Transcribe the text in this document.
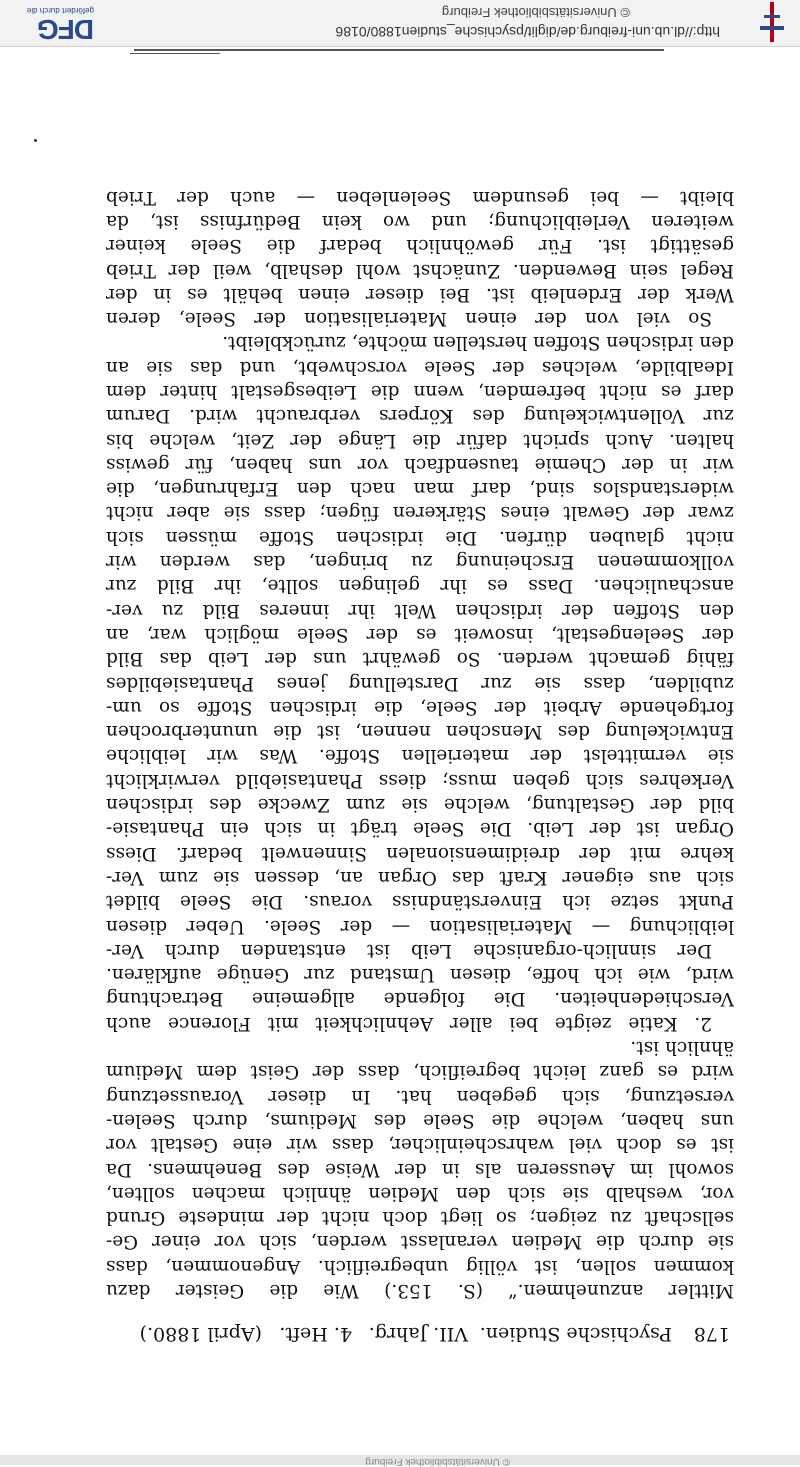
© Universitätsbibliothek Freiburg
178
Psychische Studien.
VII. Jahrg.
4. Heft.
(April 1880.)
Mittler anzunehmen.“ (S. 153.) Wie die Geister dazu
kommen sollen, ist völlig unbegreiflich. Angenommen, dass
sie durch die Medien veranlasst werden, sich vor einer Ge-
sellschaft zu zeigen; so liegt doch nicht der mindeste Grund
vor, weshalb sie sich den Medien ähnlich machen sollten,
sowohl im Aeusseren als in der Weise des Benehmens. Da
ist es doch viel wahrscheinlicher, dass wir eine Gestalt vor
uns haben, welche die Seele des Mediums, durch Seelen-
versetzung, sich gegeben hat. In dieser Voraussetzung
wird es ganz leicht begreiflich, dass der Geist dem Medium
ähnlich ist.
2. Katie zeigte bei aller Aehnlichkeit mit Florence auch
Verschiedenheiten. Die folgende allgemeine Betrachtung
wird, wie ich hoffe, diesen Umstand zur Genüge aufklären.
Der sinnlich-organische Leib ist entstanden durch Ver-
leiblichung — Materialisation — der Seele. Ueber diesen
Punkt setze ich Einverständniss voraus. Die Seele bildet
sich aus eigener Kraft das Organ an, dessen sie zum Ver-
kehre mit der dreidimensionalen Sinnenwelt bedarf. Diess
Organ ist der Leib. Die Seele trägt in sich ein Phantasie-
bild der Gestaltung, welche sie zum Zwecke des irdischen
Verkehres sich geben muss; diess Phantasiebild verwirklicht
sie vermittelst der materiellen Stoffe. Was wir leibliche
Entwickelung des Menschen nennen, ist die ununterbrochen
fortgehende Arbeit der Seele, die irdischen Stoffe so um-
zubilden, dass sie zur Darstellung jenes Phantasiebildes
fähig gemacht werden. So gewährt uns der Leib das Bild
der Seelengestalt, insoweit es der Seele möglich war, an
den Stoffen der irdischen Welt ihr inneres Bild zu ver-
anschaulichen. Dass es ihr gelingen sollte, ihr Bild zur
vollkommenen Erscheinung zu bringen, das werden wir
nicht glauben dürfen. Die irdischen Stoffe müssen sich
zwar der Gewalt eines Stärkeren fügen; dass sie aber nicht
widerstandslos sind, darf man nach den Erfahrungen, die
wir in der Chemie tausendfach vor uns haben, für gewiss
halten. Auch spricht dafür die Länge der Zeit, welche bis
zur Vollentwickelung des Körpers verbraucht wird. Darum
darf es nicht befremden, wenn die Leibesgestalt hinter dem
Idealbilde, welches der Seele vorschwebt, und das sie an
den irdischen Stoffen herstellen möchte, zurückbleibt.
So viel von der einen Materialisation der Seele, deren
Werk der Erdenleib ist. Bei dieser einen behält es in der
Regel sein Bewenden. Zunächst wohl deshalb, weil der Trieb
gesättigt ist. Für gewöhnlich bedarf die Seele keiner
weiteren Verleiblichung; und wo kein Bedürfniss ist, da
bleibt — bei gesundem Seelenleben — auch der Trieb
http://dl.ub.uni-freiburg.de/diglit/psychische_studien1880/0186
© Universitätsbibliothek Freiburg
DFG
gefördert durch die
